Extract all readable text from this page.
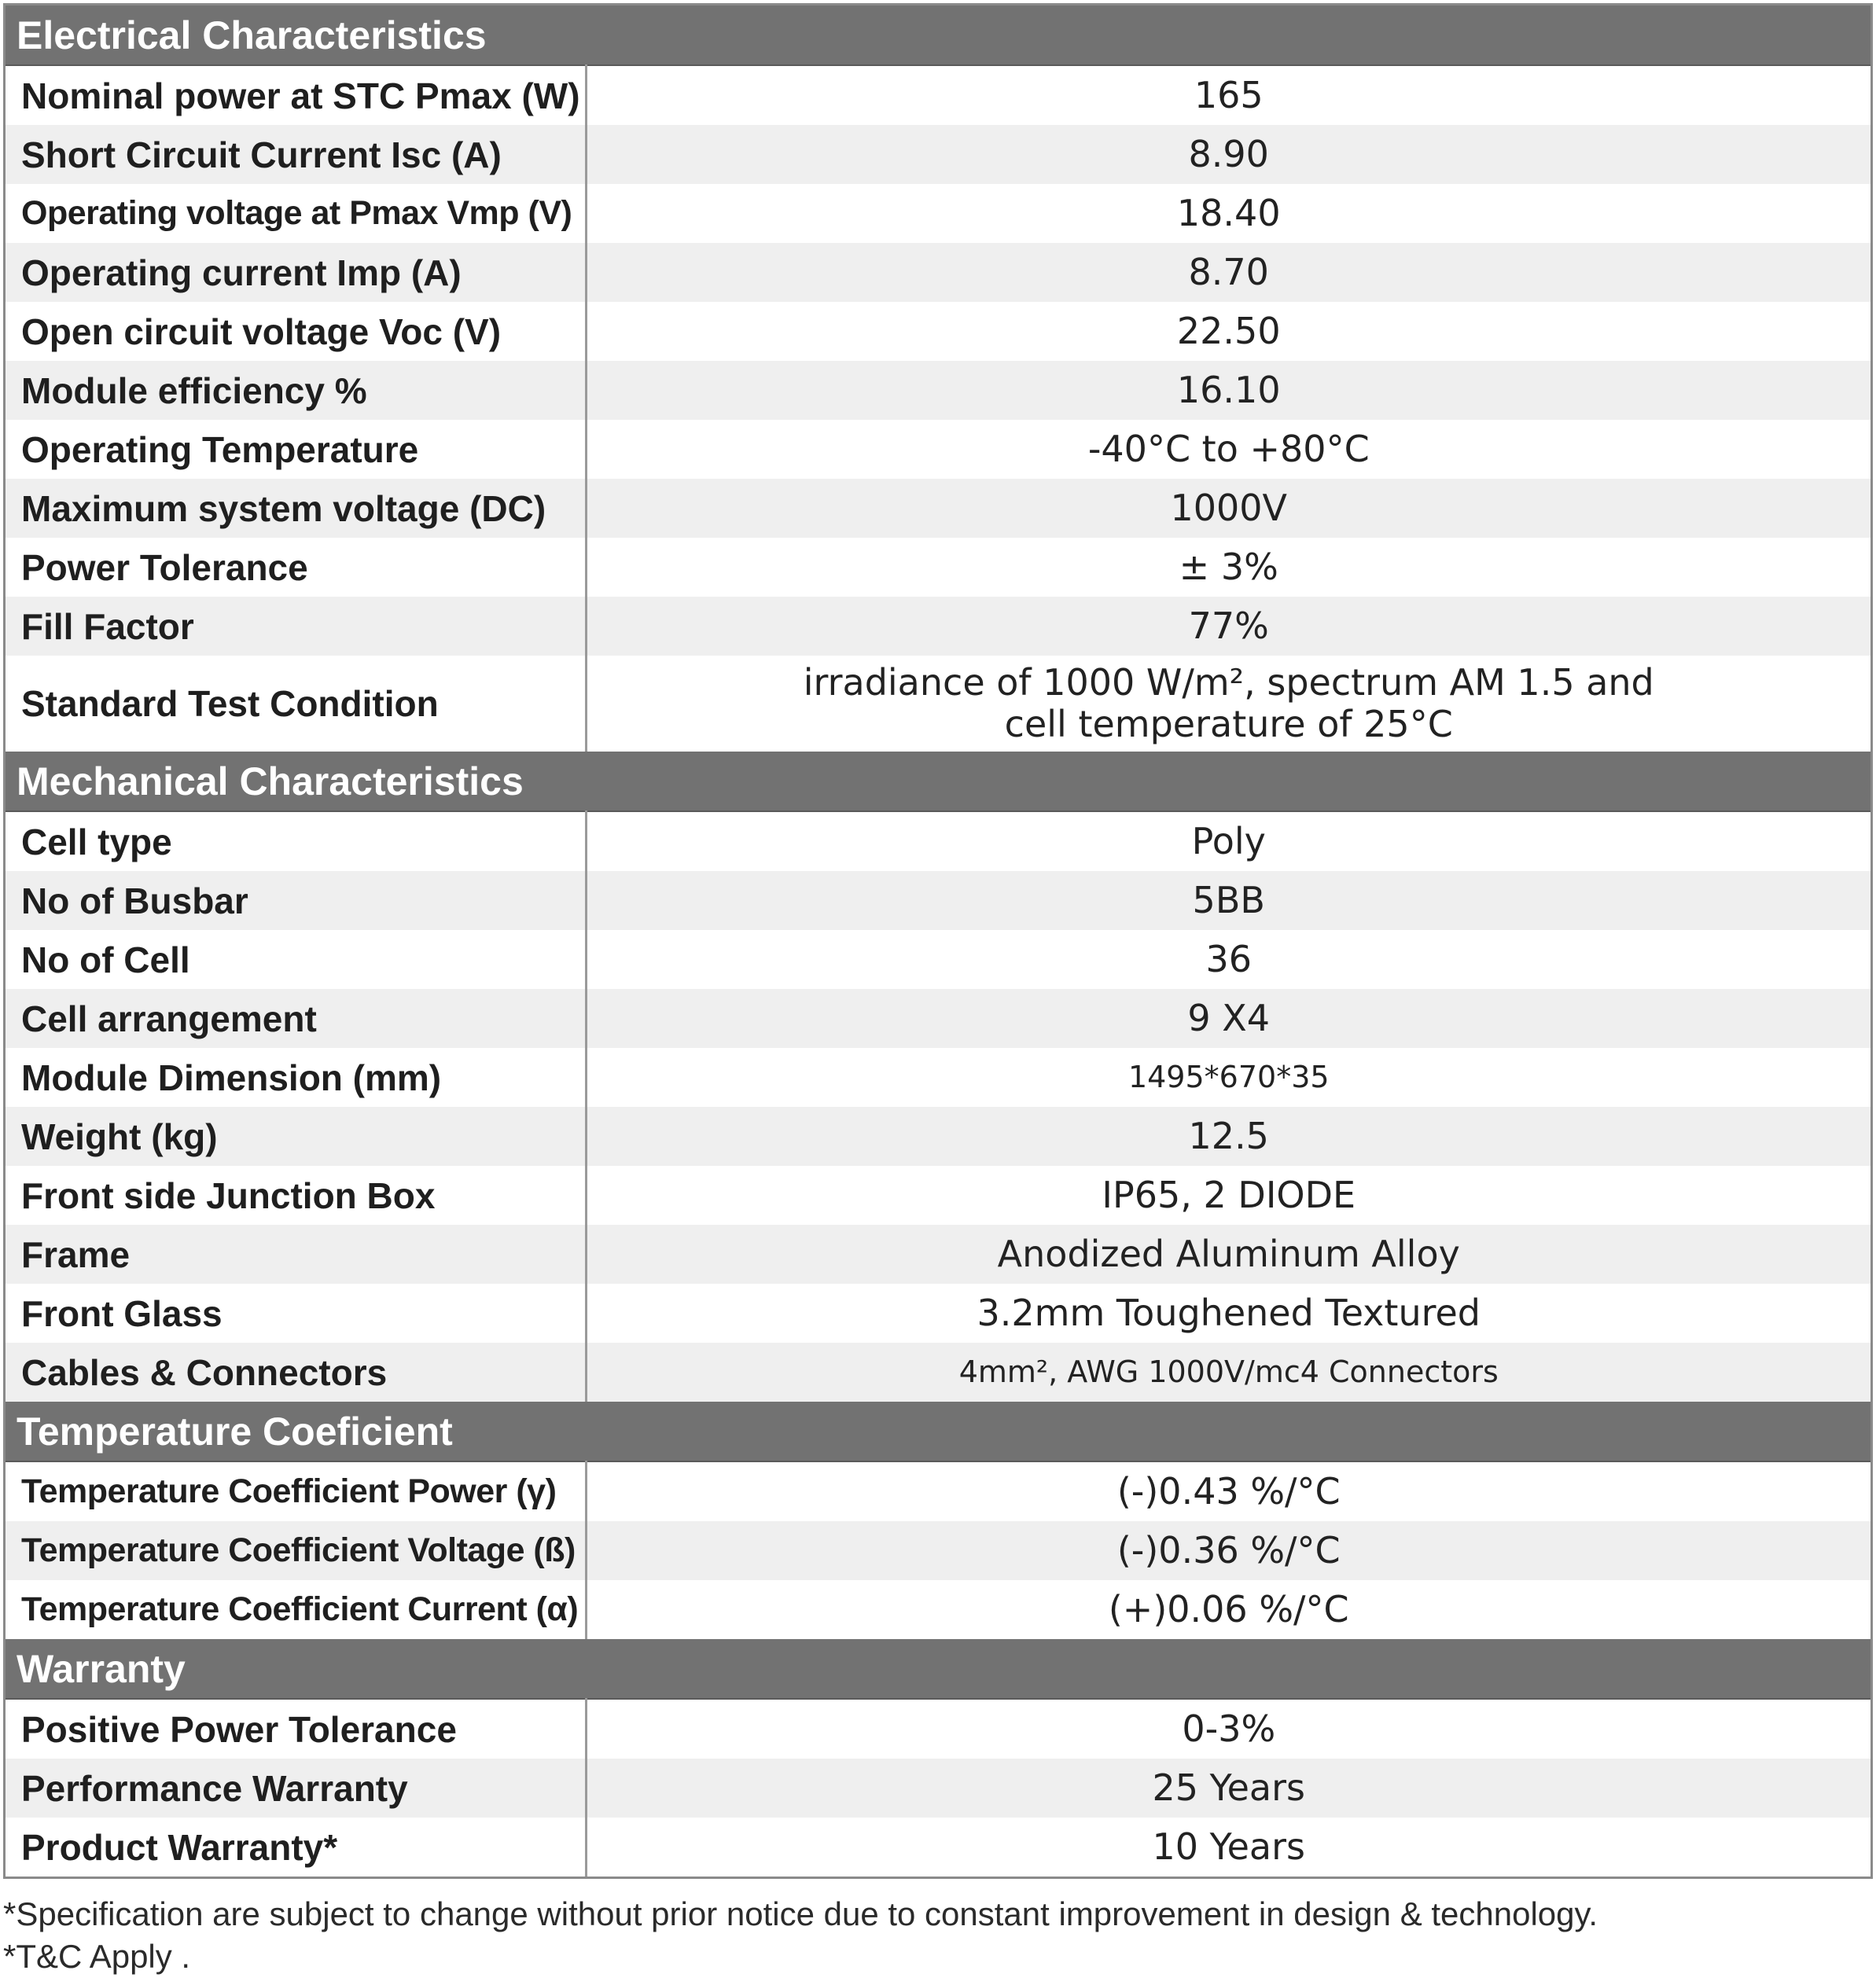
Electrical Characteristics	
Nominal power at STC Pmax (W)	165
Short Circuit Current Isc (A)	8.90
Operating voltage at Pmax Vmp (V)	18.40
Operating current Imp (A)	8.70
Open circuit voltage Voc (V)	22.50
Module efficiency %	16.10
Operating Temperature	-40°C to +80°C
Maximum system voltage (DC)	1000V
Power Tolerance	± 3%
Fill Factor	77%
Standard Test Condition	irradiance of 1000 W/m², spectrum AM 1.5 and
cell temperature of 25°C

Mechanical Characteristics	
Cell type	Poly
No of Busbar	5BB
No of Cell	36
Cell arrangement	9 X4
Module Dimension (mm)	1495*670*35
Weight (kg)	12.5
Front side Junction Box	IP65, 2 DIODE
Frame	Anodized Aluminum Alloy
Front Glass	3.2mm Toughened Textured
Cables & Connectors	4mm², AWG 1000V/mc4 Connectors
Temperature Coeficient	
Temperature Coefficient Power (γ)	(-)0.43 %/°C
Temperature Coefficient Voltage (ß)	(-)0.36 %/°C
Temperature Coefficient Current (α)	(+)0.06 %/°C
Warranty	
Positive Power Tolerance	0-3%
Performance Warranty	25 Years
Product Warranty*	10 Years
*Specification are subject to change without prior notice due to constant improvement in design & technology.
*T&C Apply .
